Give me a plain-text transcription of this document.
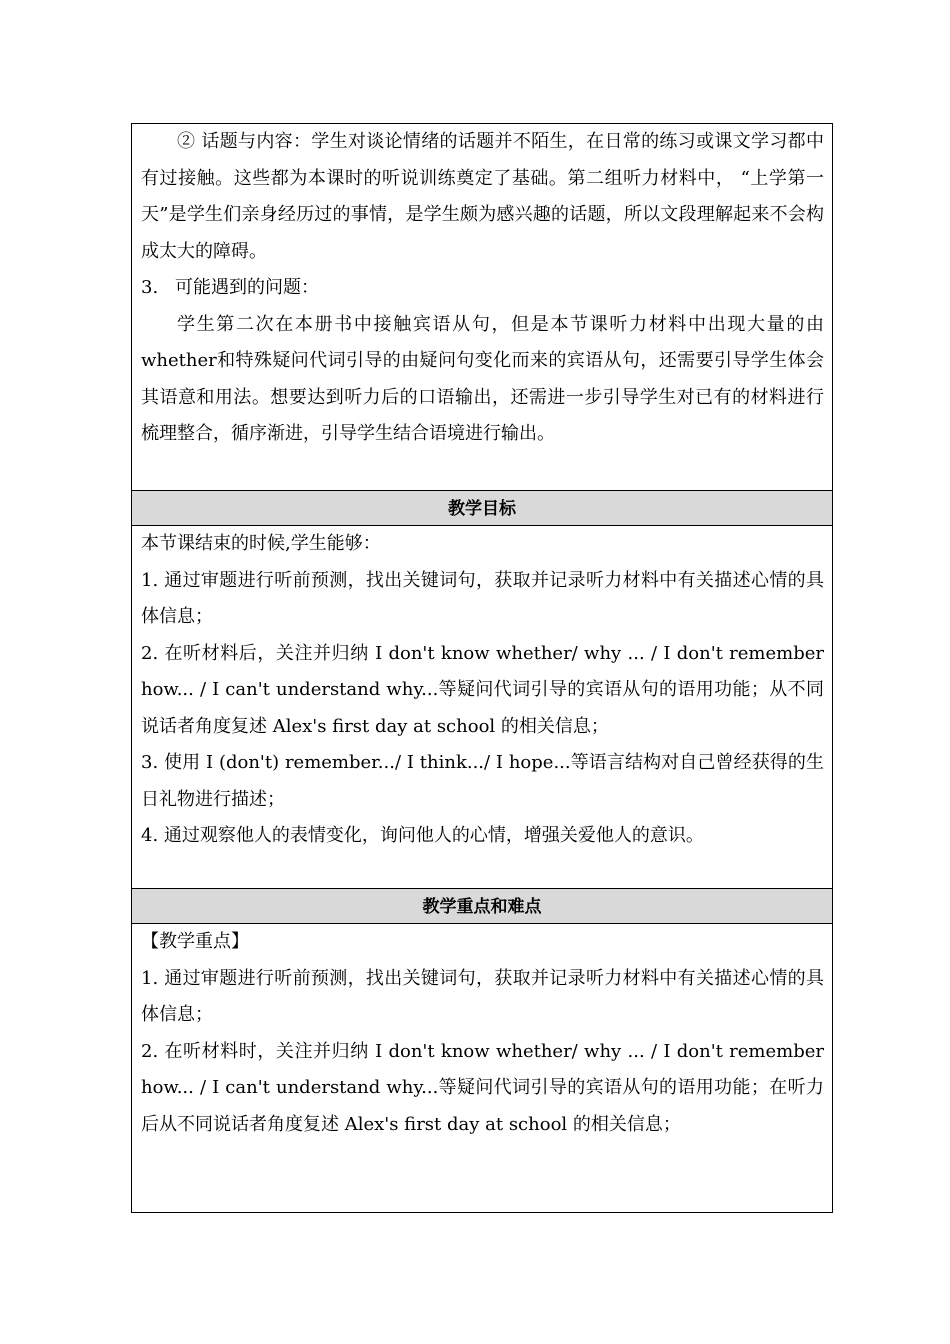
② 话题与内容：学生对谈论情绪的话题并不陌生，在日常的练习或课文学习都中有过接触。这些都为本课时的听说训练奠定了基础。第二组听力材料中， “上学第一天”是学生们亲身经历过的事情，是学生颇为感兴趣的话题，所以文段理解起来不会构成太大的障碍。

3. 可能遇到的问题：

学生第二次在本册书中接触宾语从句，但是本节课听力材料中出现大量的由whether和特殊疑问代词引导的由疑问句变化而来的宾语从句，还需要引导学生体会其语意和用法。想要达到听力后的口语输出，还需进一步引导学生对已有的材料进行梳理整合，循序渐进，引导学生结合语境进行输出。

教学目标

本节课结束的时候,学生能够：

1. 通过审题进行听前预测，找出关键词句，获取并记录听力材料中有关描述心情的具体信息；

2. 在听材料后，关注并归纳 I don't know whether/ why ... / I don't remember how... / I can't understand why...等疑问代词引导的宾语从句的语用功能；从不同说话者角度复述 Alex's first day at school 的相关信息；

3. 使用 I (don't) remember.../ I think.../ I hope...等语言结构对自己曾经获得的生日礼物进行描述；

4. 通过观察他人的表情变化，询问他人的心情，增强关爱他人的意识。

教学重点和难点

【教学重点】

1. 通过审题进行听前预测，找出关键词句，获取并记录听力材料中有关描述心情的具体信息；

2. 在听材料时，关注并归纳 I don't know whether/ why ... / I don't remember how... / I can't understand why...等疑问代词引导的宾语从句的语用功能；在听力后从不同说话者角度复述 Alex's first day at school 的相关信息；
